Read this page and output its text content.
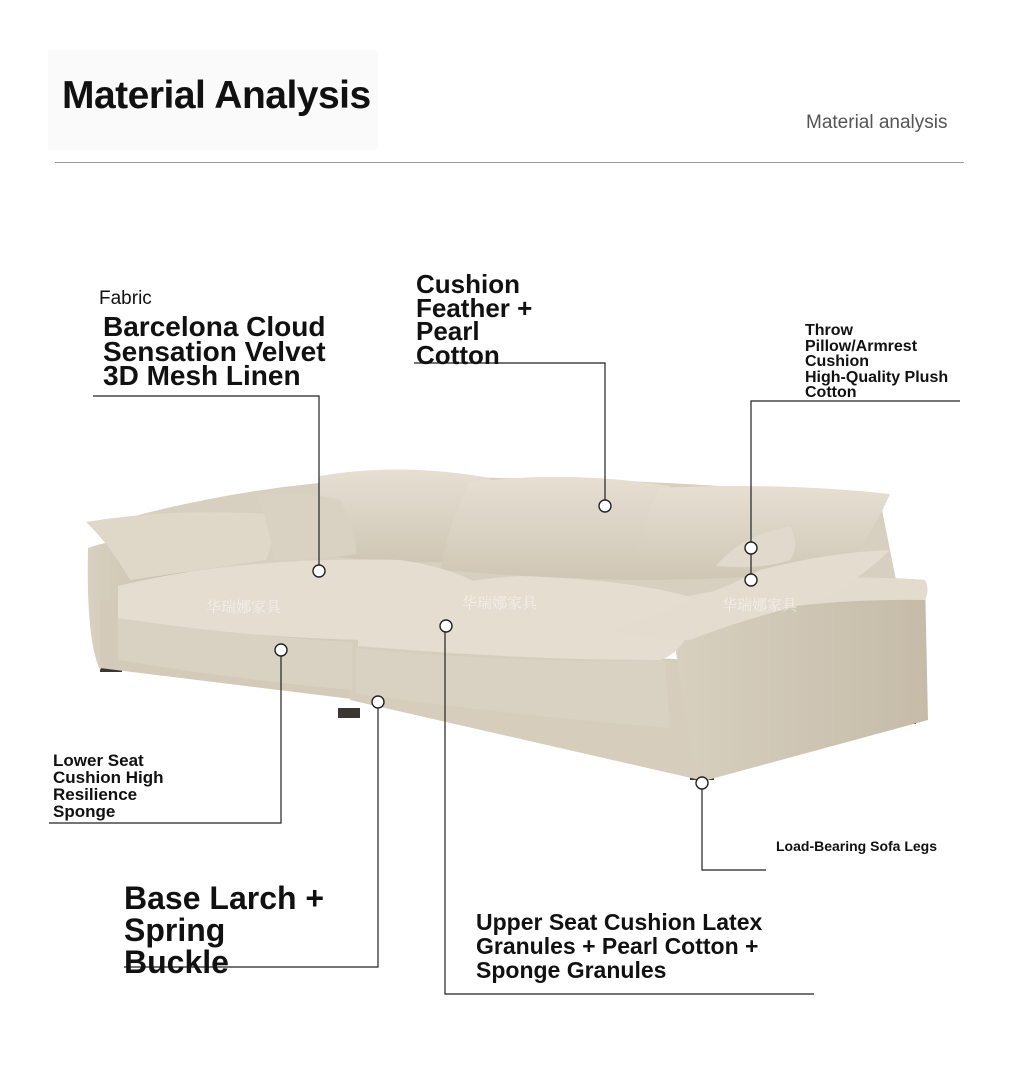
Material Analysis
Material analysis
华瑞娜家具	华瑞娜家具	华瑞娜家具
Fabric
Barcelona Cloud
Sensation Velvet
3D Mesh Linen
Cushion
Feather +
Pearl
Cotton
Throw
Pillow/Armrest
Cushion
High-Quality Plush
Cotton
Lower Seat
Cushion High
Resilience
Sponge
Load-Bearing Sofa Legs
Base Larch +
Spring
Buckle
Upper Seat Cushion Latex
Granules + Pearl Cotton +
Sponge Granules
